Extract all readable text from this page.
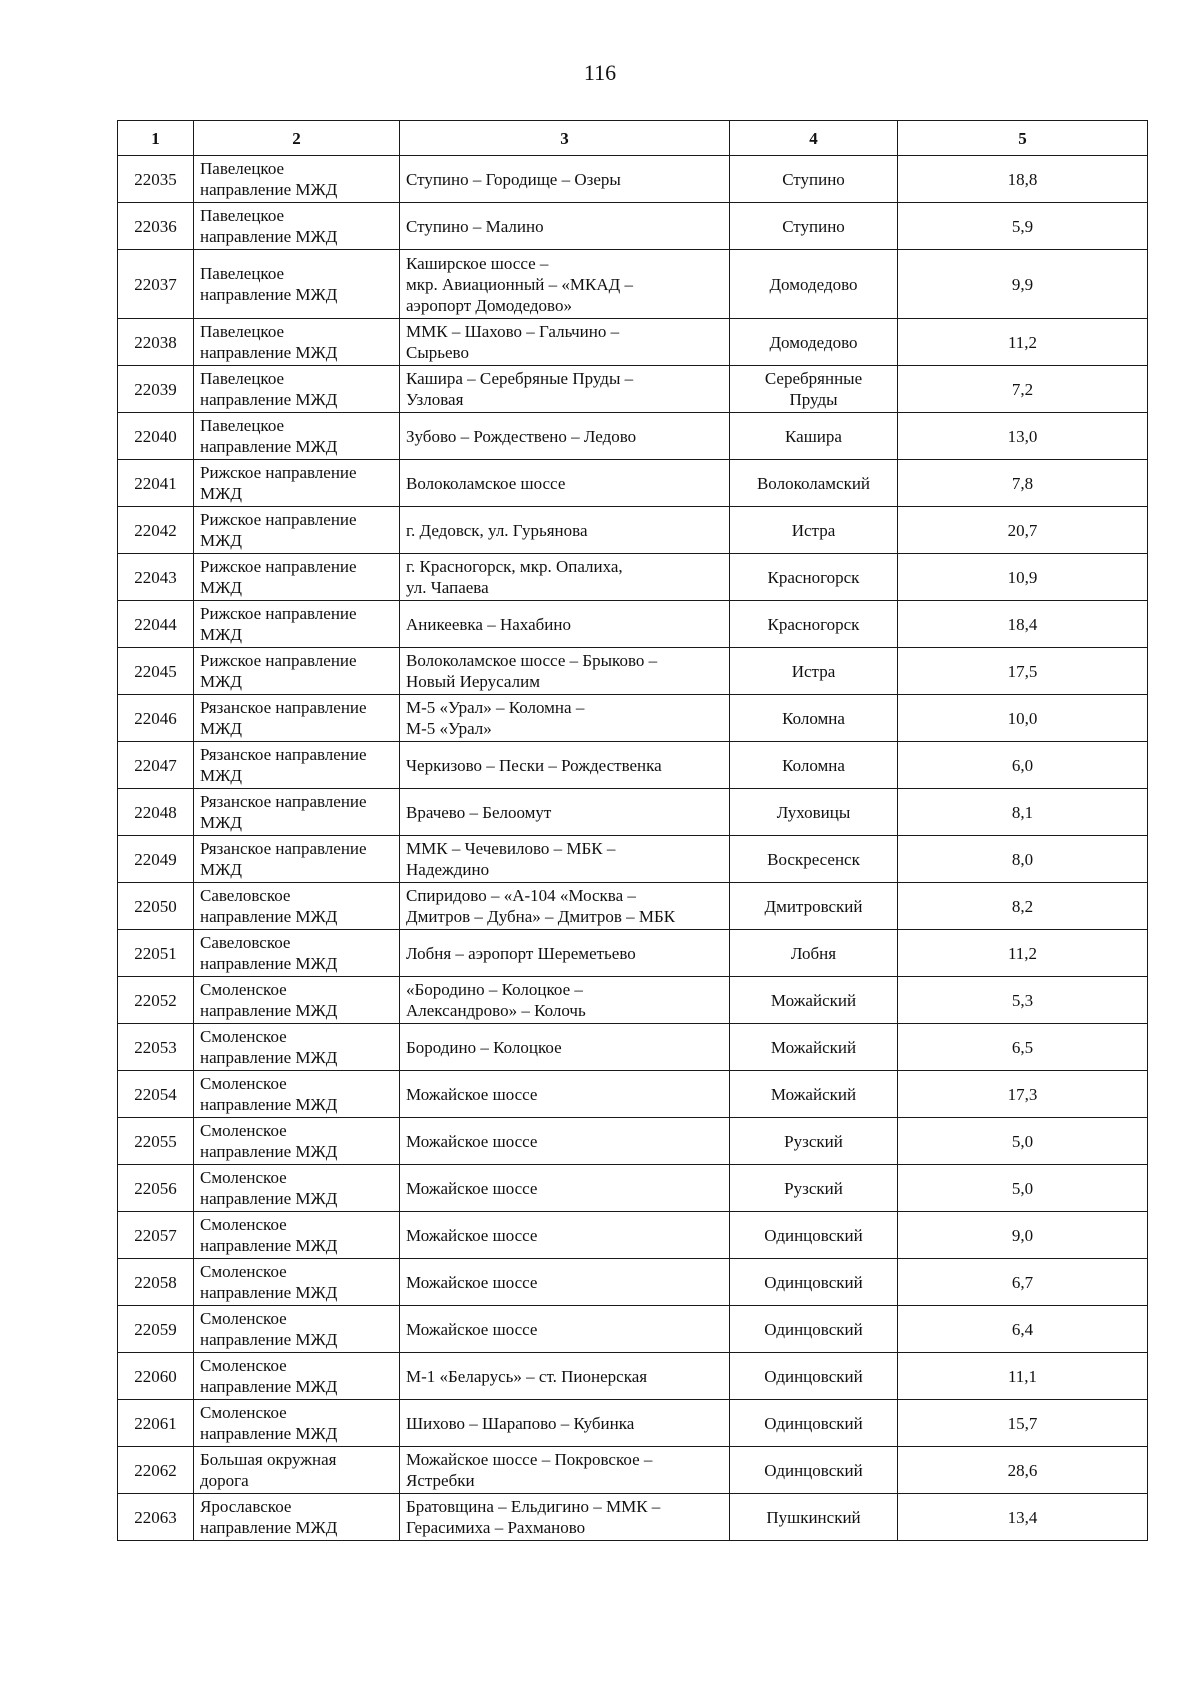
116
1	2	3	4	5

22035	Павелецкое
направление МЖД	Ступино – Городище – Озеры	Ступино	18,8

22036	Павелецкое
направление МЖД	Ступино – Малино	Ступино	5,9

22037	Павелецкое
направление МЖД	Каширское шоссе –
мкр. Авиационный – «МКАД –
аэропорт Домодедово»	Домодедово	9,9

22038	Павелецкое
направление МЖД	ММК – Шахово – Гальчино –
Сырьево	Домодедово	11,2

22039	Павелецкое
направление МЖД	Кашира – Серебряные Пруды –
Узловая	Серебрянные
Пруды	7,2

22040	Павелецкое
направление МЖД	Зубово – Рождествено – Ледово	Кашира	13,0

22041	Рижское направление
МЖД	Волоколамское шоссе	Волоколамский	7,8

22042	Рижское направление
МЖД	г. Дедовск, ул. Гурьянова	Истра	20,7

22043	Рижское направление
МЖД	г. Красногорск, мкр. Опалиха,
ул. Чапаева	Красногорск	10,9

22044	Рижское направление
МЖД	Аникеевка – Нахабино	Красногорск	18,4

22045	Рижское направление
МЖД	Волоколамское шоссе – Брыково –
Новый Иерусалим	Истра	17,5

22046	Рязанское направление
МЖД	М-5 «Урал» – Коломна –
М-5 «Урал»	Коломна	10,0

22047	Рязанское направление
МЖД	Черкизово – Пески – Рождественка	Коломна	6,0

22048	Рязанское направление
МЖД	Врачево – Белоомут	Луховицы	8,1

22049	Рязанское направление
МЖД	ММК – Чечевилово – МБК –
Надеждино	Воскресенск	8,0

22050	Савеловское
направление МЖД	Спиридово – «А-104 «Москва –
Дмитров – Дубна» – Дмитров – МБК	Дмитровский	8,2

22051	Савеловское
направление МЖД	Лобня – аэропорт Шереметьево	Лобня	11,2

22052	Смоленское
направление МЖД	«Бородино – Колоцкое –
Александрово» – Колочь	Можайский	5,3

22053	Смоленское
направление МЖД	Бородино – Колоцкое	Можайский	6,5

22054	Смоленское
направление МЖД	Можайское шоссе	Можайский	17,3

22055	Смоленское
направление МЖД	Можайское шоссе	Рузский	5,0

22056	Смоленское
направление МЖД	Можайское шоссе	Рузский	5,0

22057	Смоленское
направление МЖД	Можайское шоссе	Одинцовский	9,0

22058	Смоленское
направление МЖД	Можайское шоссе	Одинцовский	6,7

22059	Смоленское
направление МЖД	Можайское шоссе	Одинцовский	6,4

22060	Смоленское
направление МЖД	М-1 «Беларусь» – ст. Пионерская	Одинцовский	11,1

22061	Смоленское
направление МЖД	Шихово – Шарапово – Кубинка	Одинцовский	15,7

22062	Большая окружная
дорога	Можайское шоссе – Покровское –
Ястребки	Одинцовский	28,6

22063	Ярославское
направление МЖД	Братовщина – Ельдигино – ММК –
Герасимиха – Рахманово	Пушкинский	13,4
